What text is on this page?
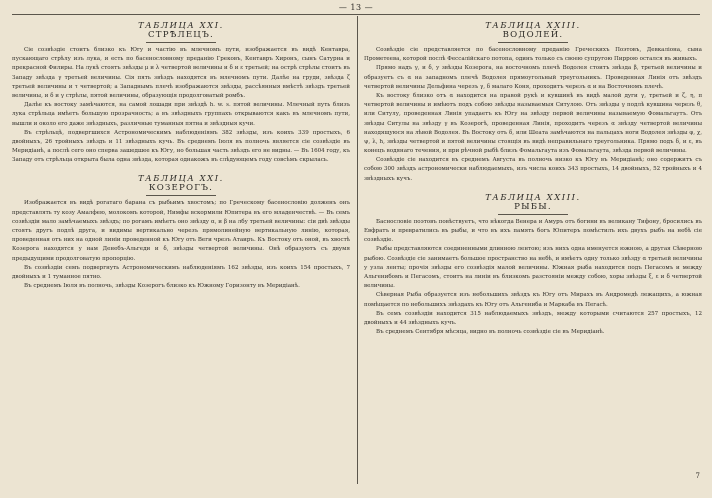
— 13 —
ТАБЛИЦА XXI.
СТРѢЛЕЦЪ.

Сіе созвѣздіе стоитъ близко къ Югу и частію въ млечномъ пути, изображается въ видѣ Кентавра, пускающаго стрѣлу изъ лука, и есть по басенословному преданію Грековъ, Кентавръ Хиронъ, сынъ Сатурна и прекрасной Филиры. На лукѣ стоятъ звѣзды μ и λ четвертой величины и δ и ε третьей; на острѣ стрѣлы стоитъ въ Западу звѣзда γ третьей величины. Сія пять звѣздъ находятся въ млечномъ пути. Далѣе на груди, звѣзда ζ третьей величины и τ четвертой; а Западнымъ плечѣ изображаются звѣзды, рассѣянныя вмѣстѣ звѣздъ третьей величины, и δ и γ стрѣлы, пятой величины, образующія продолговатый ромбъ.

Далѣе къ востоку замѣчаются, на самой лошади при звѣздѣ h. w. s. пятой величины. Млечный путь близъ лука стрѣльца имѣетъ большую прозрачность; а въ звѣздныхъ группахъ открываются какъ въ млечномъ пути, вышли и около его даже звѣздныхъ, различные туманныя пятна и звѣздныя кучи.

Въ стрѣльцѣ, подвергшихся Астрономическимъ наблюденіямъ 382 звѣзды, изъ коихъ 339 простыхъ, 6 двойныхъ, 26 тройныхъ звѣздъ и 11 звѣздныхъ кучь. Въ среднемъ Іюля въ полночь является сіе созвѣздіе въ Меридіанѣ, а послѣ сего оно сперва зашедшее къ Югу, но большая часть звѣздъ его не видны. — Въ 1604 году, къ Западу отъ стрѣльца открыта была одна звѣзда, которая однакожъ въ слѣдующемъ году совсѣмъ скрылась.

ТАБЛИЦА XXI.
КОЗЕРОГЪ.

Изображается въ видѣ рогатаго барана съ рыбьимъ хвостомъ; по Греческому басенословію долженъ онъ представлять ту козу Амалфею, молокомъ которой, Нимфы вскормили Юпитера въ его младенчествѣ. — Въ семъ созвѣздіи мало замѣчаемыхъ звѣздъ; по рогамъ имѣетъ оно звѣзду α, и β на лбу третьей величины: сіи двѣ звѣзды стоятъ другъ подлѣ друга, и видимы вертикально черезъ прямолинейную вертикальную линію, которая, проведенная отъ них на одной линіи проведенной къ Югу отъ Веги чрезъ Атаиръ. Къ Востоку отъ оной, въ хвостѣ Козерога находятся у нам Денебъ-Альгеди и δ, звѣзды четвертой величины. Онѣ образуютъ съ двумя предыдущими продолговатую пропорцію.

Въ созвѣздіи семъ подвергнуть Астрономическимъ наблюденіямъ 162 звѣзды, изъ коихъ 154 простыхъ, 7 двойныхъ и 1 туманное пятно.

Въ среднемъ Іюля въ полночь, звѣзды Козерогъ близко къ Южному Горизонту въ Меридіанѣ.

ТАБЛИЦА XXIII.
ВОДОЛЕЙ.

Созвѣздіе сіе представляется по басенословному преданію Греческихъ Поэтовъ, Девкаліона, сына Прометеева, которой послѣ Фессалійскаго потопа, одинъ только съ своею супругою Пиррою остался въ живыхъ.

Прямо надъ γ, и δ, у звѣзды Козерога, на восточномъ плечѣ Водолея стоитъ звѣзда β, третьей величины и образуетъ съ α на западномъ плечѣ Водолея прямоугольный треугольникъ. Проведенная Линія отъ звѣздъ четвертой величины Дельфина черезъ γ, δ малаго Коня, проходитъ черезъ α и на Восточномъ плечѣ.

Къ востоку близко отъ α находится на правой рукѣ и кувшинѣ въ видѣ малой дуги γ, третьей и ζ, η, π четвертой величины и имѣютъ подъ собою звѣзды называемыя Ситулою. Отъ звѣзды γ подлѣ кувшина черезъ θ, или Ситулу, проведенная Линія упадаетъ къ Югу на звѣзду первой величины называемую Фомальгаутъ. Отъ звѣзды Ситулы на звѣзду γ въ Козерогѣ, проведенная Линія, проходитъ черезъ α звѣзду четвертой величины находящуюся на лѣвой Водолея. Въ Востоку отъ δ, или Шеата замѣчаются на пальцахъ ноги Водолея звѣзды φ, χ, ψ, λ, h, звѣзды четвертой и пятой величины стоящія въ видѣ неправильнаго треугольника. Прямо подъ δ, и ε, въ конецъ водянаго течения, и при рѣчной рыбѣ близъ Фомальгаута изъ Фомальгаута, звѣзда первой величины.

Созвѣздіе сіе находится въ среднемъ Августа въ полночь низко къ Югу въ Меридіанѣ; оно содержитъ съ собою 300 звѣздъ астрономически наблюдаемыхъ, изъ числа коихъ 343 простыхъ, 14 двойныхъ, 52 тройныхъ и 4 звѣздныхъ кучъ.

ТАБЛИЦА XXIII.
РЫБЫ.

Баснословіе поэтовъ повѣствуетъ, что нѣкогда Венера и Амуръ отъ богини въ великану Тифону, бросились въ Евфратъ и превратились въ рыбы, и что въ ихъ память богъ Юпитеръ помѣстилъ ихъ двухъ рыбъ на небѣ сіе созвѣздіе.

Рыбы представляются соединенными длинною лентою; изъ нихъ одна именуется южною, а другая Сѣверною рыбою. Созвѣздіе сіе занимаетъ большое пространство на небѣ, и имѣетъ одну только звѣзду α третьей величины у узла ленты; прочія звѣзды его созвѣздія малой величины. Южная рыба находится подъ Пегасомъ и между Альгенибомъ и Пегасомъ, стоитъ на линіи въ близкомъ разстояніи между собою, хоры звѣзды ξ, ε и δ четвертой величины.

Сѣверная Рыба образуется изъ небольшихъ звѣздъ къ Югу отъ Мирахъ въ Андромедѣ лежащихъ, а южная помѣщается по небольшихъ звѣздахъ къ Югу отъ Альгениба и Маркаба въ Пегасѣ.

Въ семъ созвѣздіи находится 315 наблюдаемыхъ звѣздъ, между которыми считаются 257 простыхъ, 12 двойныхъ и 44 звѣздныхъ кучъ.

Въ среднемъ Сентября мѣсяца, видно въ полночь созвѣздіе сіе въ Меридіанѣ.

7
